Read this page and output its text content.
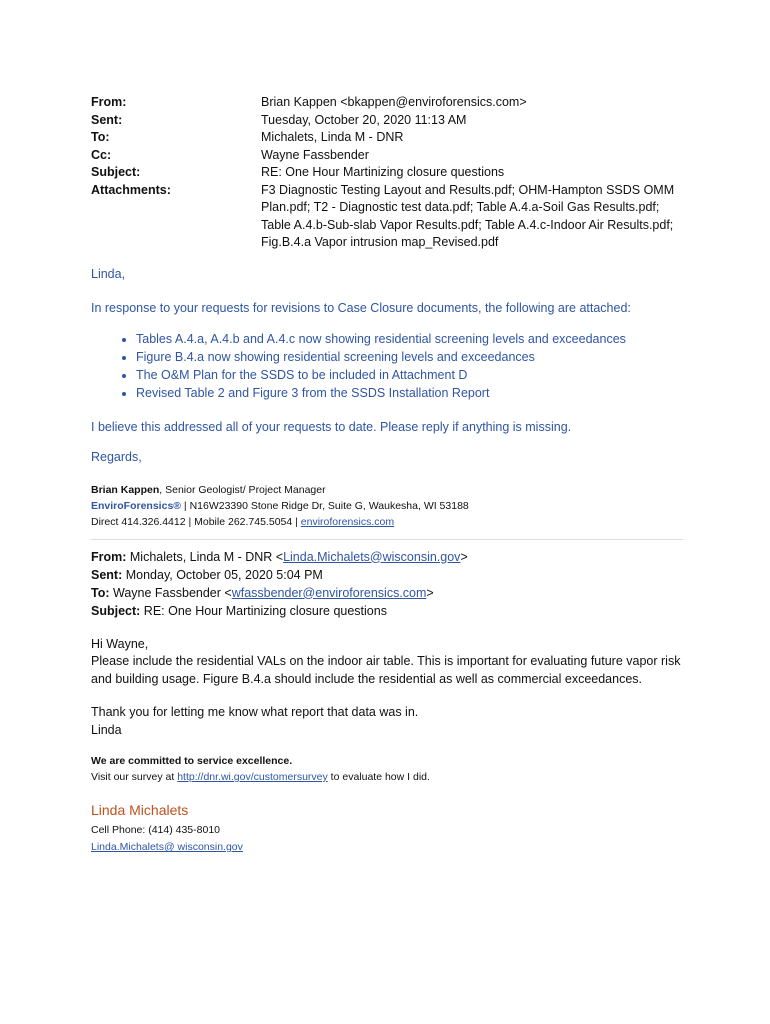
From:	Brian Kappen <bkappen@enviroforensics.com>
Sent:	Tuesday, October 20, 2020 11:13 AM
To:	Michalets, Linda M - DNR
Cc:	Wayne Fassbender
Subject:	RE: One Hour Martinizing closure questions
Attachments:	F3 Diagnostic Testing Layout and Results.pdf; OHM-Hampton SSDS OMM Plan.pdf; T2 - Diagnostic test data.pdf; Table A.4.a-Soil Gas Results.pdf; Table A.4.b-Sub-slab Vapor Results.pdf; Table A.4.c-Indoor Air Results.pdf; Fig.B.4.a Vapor intrusion map_Revised.pdf
Linda,
In response to your requests for revisions to Case Closure documents, the following are attached:
• Tables A.4.a, A.4.b and A.4.c now showing residential screening levels and exceedances
• Figure B.4.a now showing residential screening levels and exceedances
• The O&M Plan for the SSDS to be included in Attachment D
• Revised Table 2 and Figure 3 from the SSDS Installation Report
I believe this addressed all of your requests to date. Please reply if anything is missing.
Regards,
Brian Kappen, Senior Geologist/ Project Manager
EnviroForensics® | N16W23390 Stone Ridge Dr, Suite G, Waukesha, WI 53188
Direct 414.326.4412 | Mobile 262.745.5054 | enviroforensics.com
From: Michalets, Linda M - DNR <Linda.Michalets@wisconsin.gov>
Sent: Monday, October 05, 2020 5:04 PM
To: Wayne Fassbender <wfassbender@enviroforensics.com>
Subject: RE: One Hour Martinizing closure questions
Hi Wayne,
Please include the residential VALs on the indoor air table. This is important for evaluating future vapor risk and building usage. Figure B.4.a should include the residential as well as commercial exceedances.
Thank you for letting me know what report that data was in.
Linda
We are committed to service excellence.
Visit our survey at http://dnr.wi.gov/customersurvey to evaluate how I did.
Linda Michalets
Cell Phone: (414) 435-8010
Linda.Michalets@ wisconsin.gov
